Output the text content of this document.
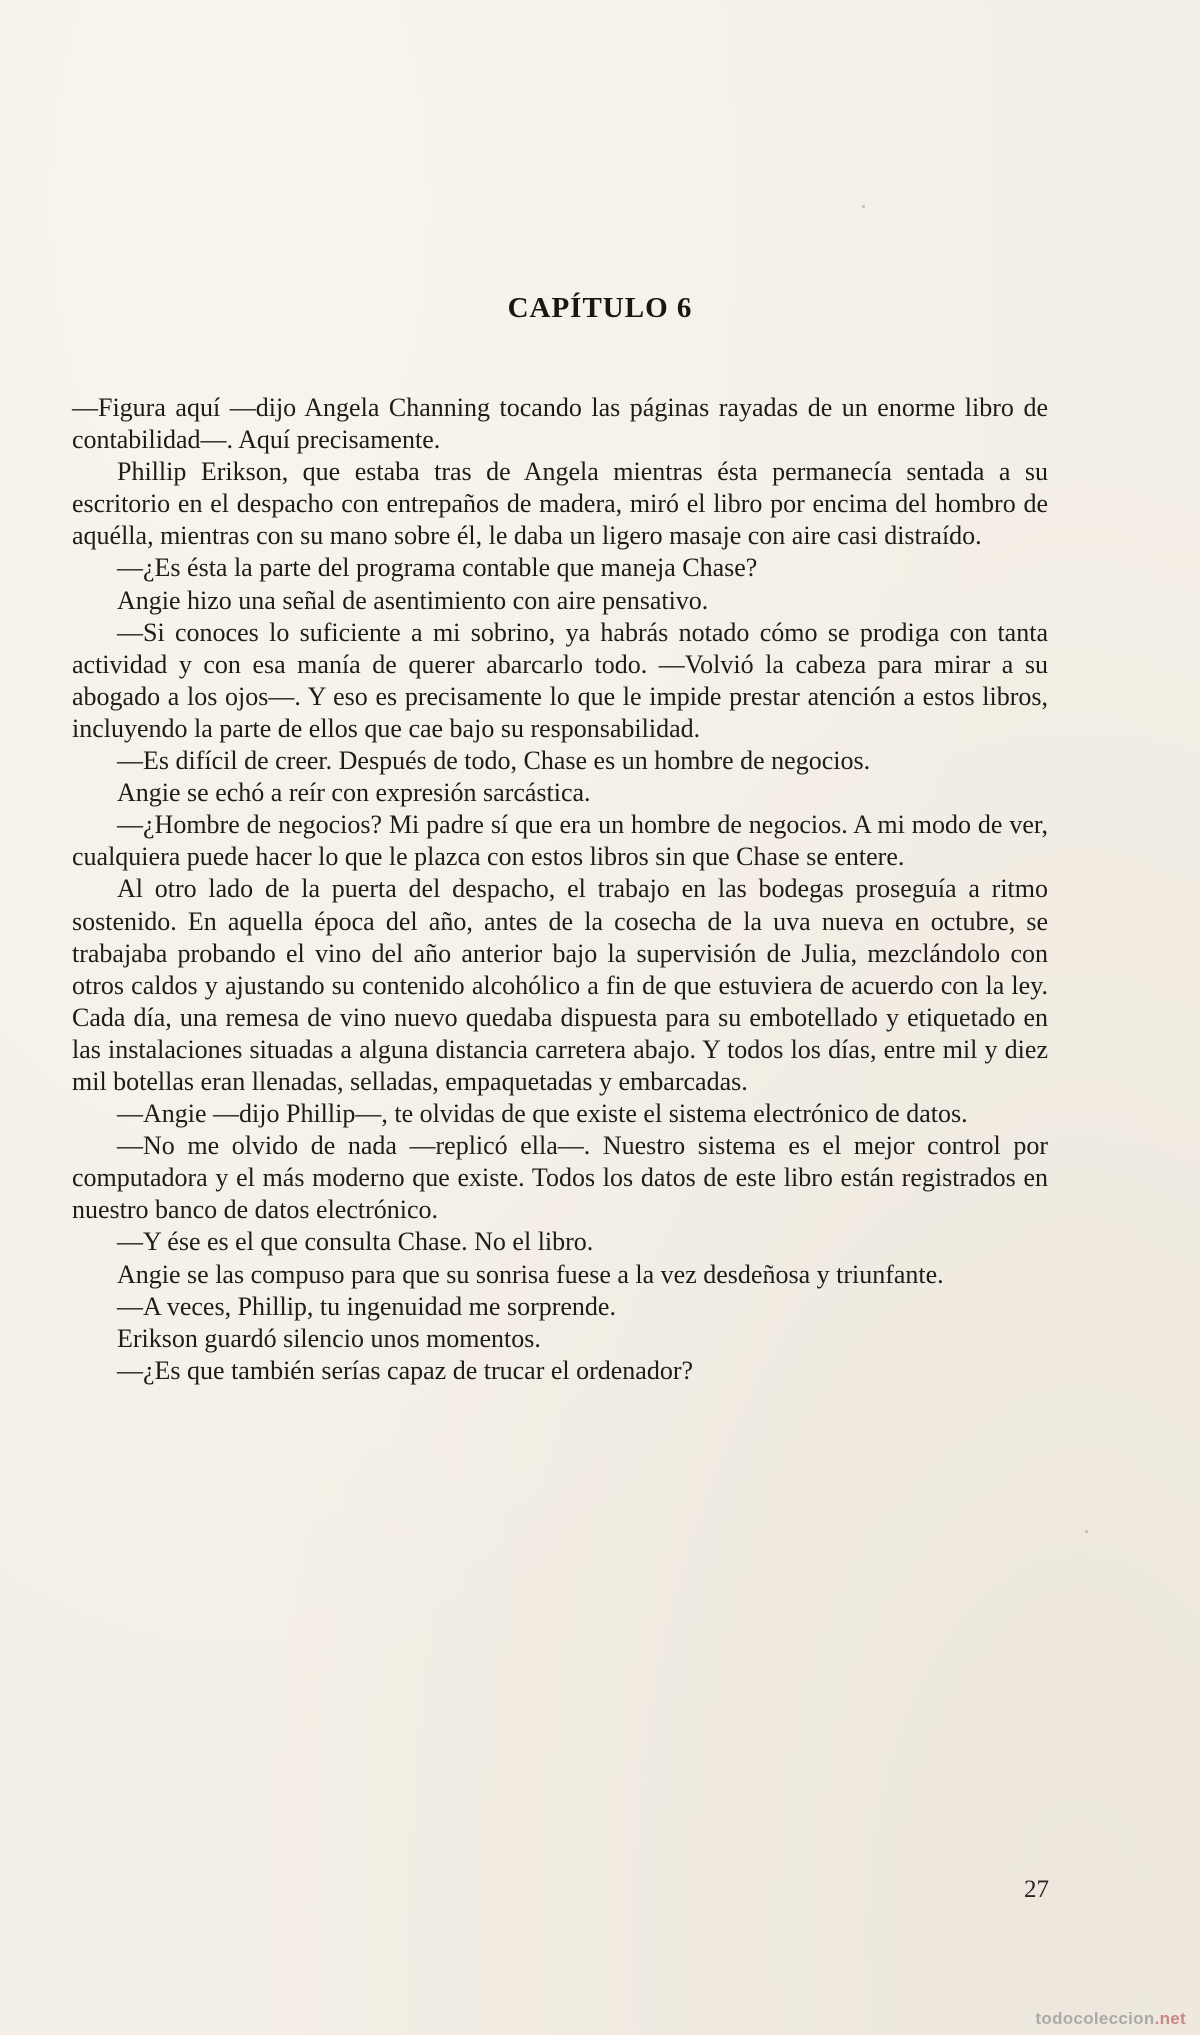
CAPÍTULO 6

—Figura aquí —dijo Angela Channing tocando las páginas rayadas de un enorme libro de contabilidad—. Aquí precisamente.

Phillip Erikson, que estaba tras de Angela mientras ésta permanecía sentada a su escritorio en el despacho con entrepaños de madera, miró el libro por encima del hombro de aquélla, mientras con su mano sobre él, le daba un ligero masaje con aire casi distraído.

—¿Es ésta la parte del programa contable que maneja Chase?

Angie hizo una señal de asentimiento con aire pensativo.

—Si conoces lo suficiente a mi sobrino, ya habrás notado cómo se prodiga con tanta actividad y con esa manía de querer abarcarlo todo. —Volvió la cabeza para mirar a su abogado a los ojos—. Y eso es precisamente lo que le impide prestar atención a estos libros, incluyendo la parte de ellos que cae bajo su responsabilidad.

—Es difícil de creer. Después de todo, Chase es un hombre de negocios.

Angie se echó a reír con expresión sarcástica.

—¿Hombre de negocios? Mi padre sí que era un hombre de negocios. A mi modo de ver, cualquiera puede hacer lo que le plazca con estos libros sin que Chase se entere.

Al otro lado de la puerta del despacho, el trabajo en las bodegas proseguía a ritmo sostenido. En aquella época del año, antes de la cosecha de la uva nueva en octubre, se trabajaba probando el vino del año anterior bajo la supervisión de Julia, mezclándolo con otros caldos y ajustando su contenido alcohólico a fin de que estuviera de acuerdo con la ley. Cada día, una remesa de vino nuevo quedaba dispuesta para su embotellado y etiquetado en las instalaciones situadas a alguna distancia carretera abajo. Y todos los días, entre mil y diez mil botellas eran llenadas, selladas, empaquetadas y embarcadas.

—Angie —dijo Phillip—, te olvidas de que existe el sistema electrónico de datos.

—No me olvido de nada —replicó ella—. Nuestro sistema es el mejor control por computadora y el más moderno que existe. Todos los datos de este libro están registrados en nuestro banco de datos electrónico.

—Y ése es el que consulta Chase. No el libro.

Angie se las compuso para que su sonrisa fuese a la vez desdeñosa y triunfante.

—A veces, Phillip, tu ingenuidad me sorprende.

Erikson guardó silencio unos momentos.

—¿Es que también serías capaz de trucar el ordenador?

27
todocoleccion.net
